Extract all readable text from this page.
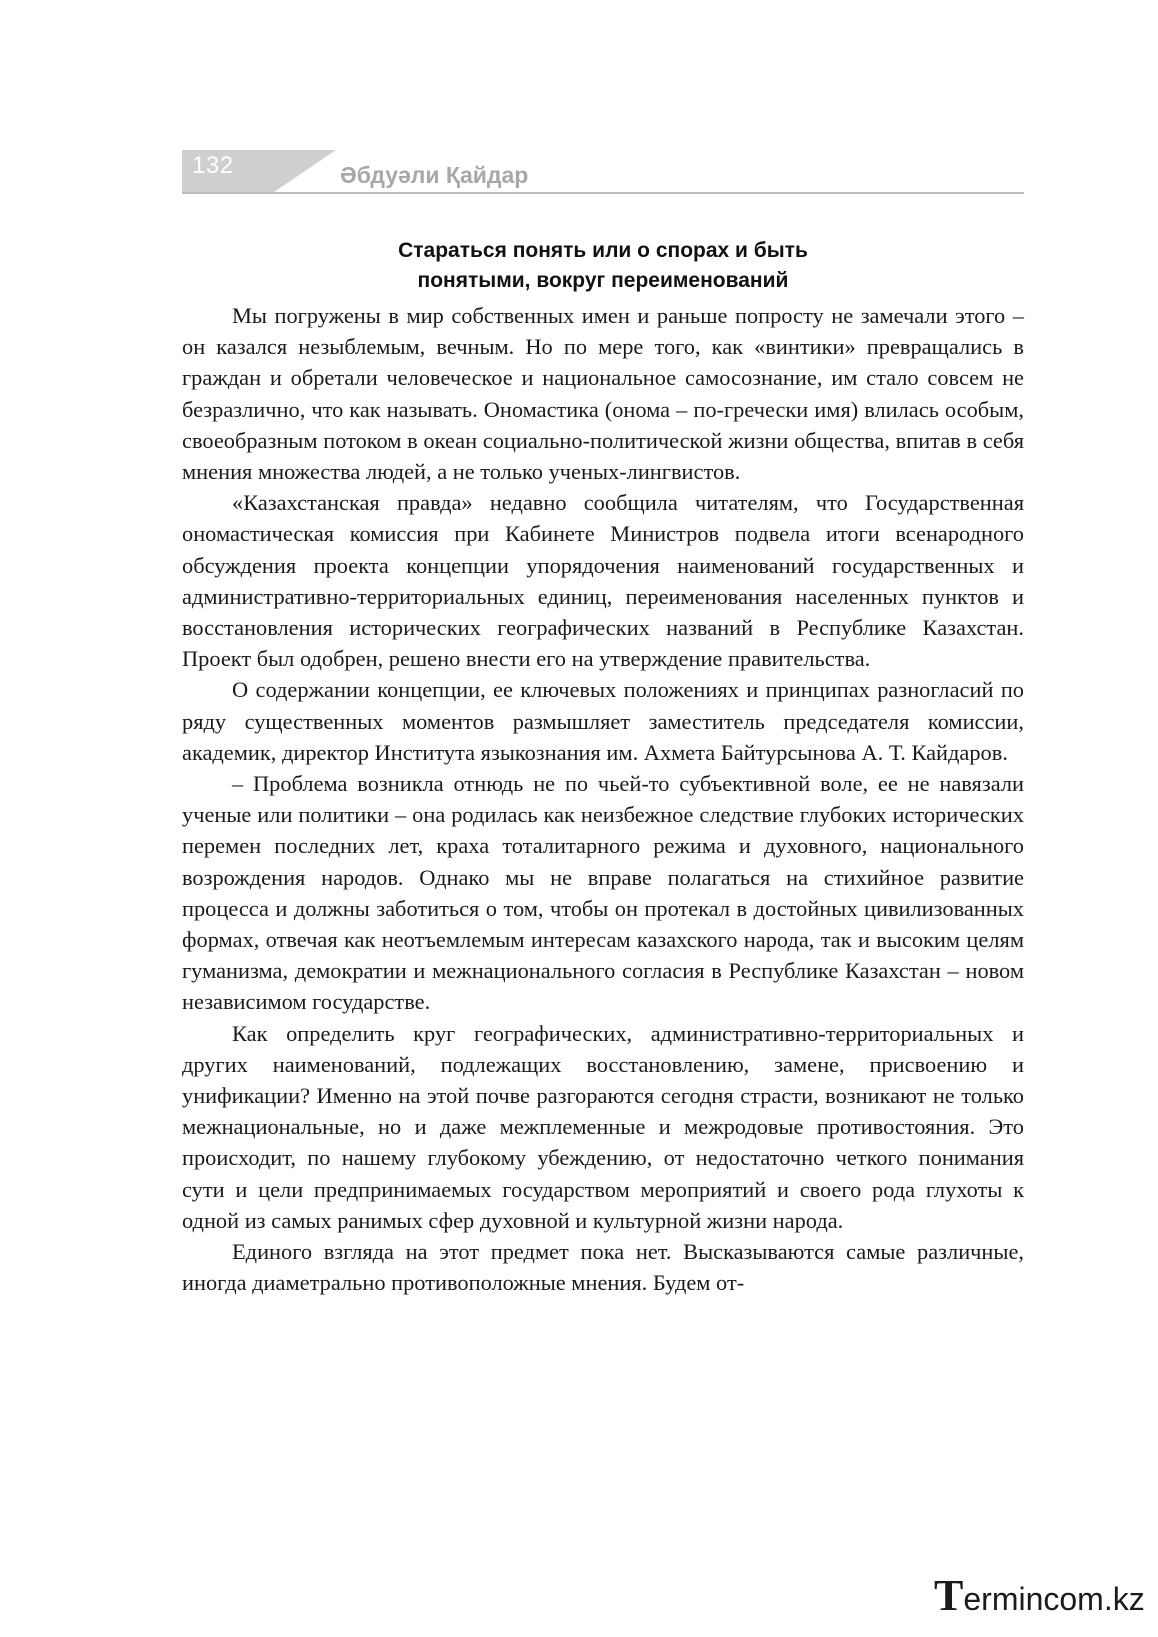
132	Әбдуәли Қайдар
Стараться понять или о спорах и быть
понятыми, вокруг переименований

Мы погружены в мир собственных имен и раньше попросту не замечали этого – он казался незыблемым, вечным. Но по мере того, как «винтики» превращались в граждан и обретали человеческое и национальное самосознание, им стало совсем не безразлично, что как называть. Ономастика (онома – по-гречески имя) влилась особым, своеобразным потоком в океан социально-политической жизни общества, впитав в себя мнения множества людей, а не только ученых-лингвистов.

«Казахстанская правда» недавно сообщила читателям, что Государственная ономастическая комиссия при Кабинете Министров подвела итоги всенародного обсуждения проекта концепции упорядочения наименований государственных и административно-территориальных единиц, переименования населенных пунктов и восстановления исторических географических названий в Республике Казахстан. Проект был одобрен, решено внести его на утверждение правительства.

О содержании концепции, ее ключевых положениях и принципах разногласий по ряду существенных моментов размышляет заместитель председателя комиссии, академик, директор Института языкознания им. Ахмета Байтурсынова А. Т. Кайдаров.

– Проблема возникла отнюдь не по чьей-то субъективной воле, ее не навязали ученые или политики – она родилась как неизбежное следствие глубоких исторических перемен последних лет, краха тоталитарного режима и духовного, национального возрождения народов. Однако мы не вправе полагаться на стихийное развитие процесса и должны заботиться о том, чтобы он протекал в достойных цивилизованных формах, отвечая как неотъемлемым интересам казахского народа, так и высоким целям гуманизма, демократии и межнационального согласия в Республике Казахстан – новом независимом государстве.

Как определить круг географических, административно-территориальных и других наименований, подлежащих восстановлению, замене, присвоению и унификации? Именно на этой почве разгораются сегодня страсти, возникают не только межнациональные, но и даже межплеменные и межродовые противостояния. Это происходит, по нашему глубокому убеждению, от недостаточно четкого понимания сути и цели предпринимаемых государством мероприятий и своего рода глухоты к одной из самых ранимых сфер духовной и культурной жизни народа.

Единого взгляда на этот предмет пока нет. Высказываются самые различные, иногда диаметрально противоположные мнения. Будем от-

Termincom.kz
